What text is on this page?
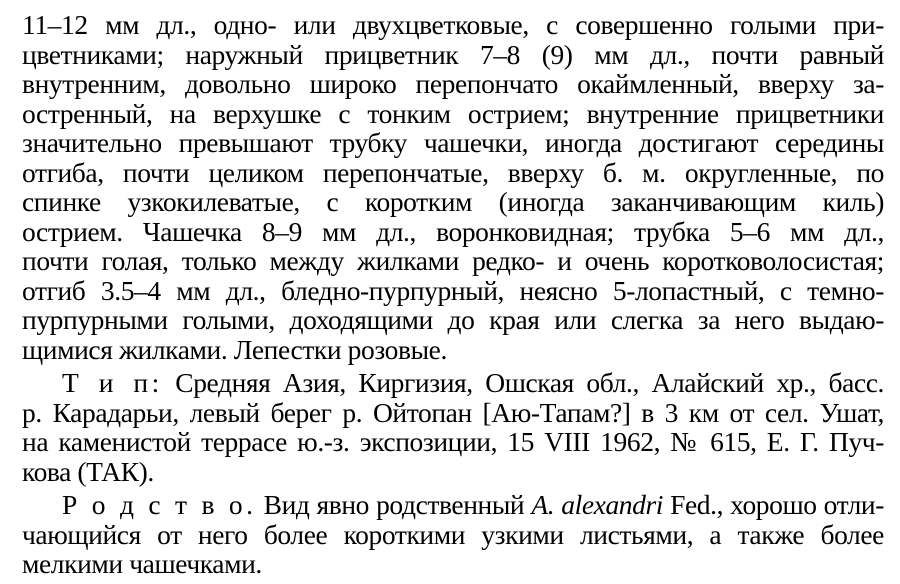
11–12 мм дл., одно- или двухцветковые, с совершенно голыми при-
цветниками; наружный прицветник 7–8 (9) мм дл., почти равный
внутренним, довольно широко перепончато окаймленный, вверху за-
остренный, на верхушке с тонким острием; внутренние прицветники
значительно превышают трубку чашечки, иногда достигают середины
отгиба, почти целиком перепончатые, вверху б. м. округленные, по
спинке узкокилеватые, с коротким (иногда заканчивающим киль)
острием. Чашечка 8–9 мм дл., воронковидная; трубка 5–6 мм дл.,
почти голая, только между жилками редко- и очень коротковолосистая;
отгиб 3.5–4 мм дл., бледно-пурпурный, неясно 5-лопастный, с темно-
пурпурными голыми, доходящими до края или слегка за него выдаю-
щимися жилками. Лепестки розовые.
Т и п: Средняя Азия, Киргизия, Ошская обл., Алайский хр., басс.
р. Карадарьи, левый берег р. Ойтопан [Аю-Тапам?] в 3 км от сел. Ушат,
на каменистой террасе ю.-з. экспозиции, 15 VIII 1962, № 615, Е. Г. Пуч-
кова (ТАК).
Р о д с т в о. Вид явно родственный A. alexandri Fed., хорошо отли-
чающийся от него более короткими узкими листьями, а также более
мелкими чашечками.
